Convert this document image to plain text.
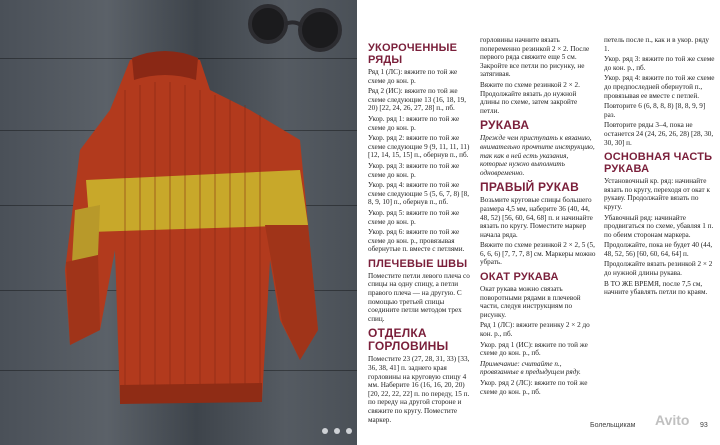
УКОРОЧЕННЫЕ РЯДЫ

Ряд 1 (ЛС): вяжите по той же схеме до кон. р.

Ряд 2 (ИС): вяжите по той же схеме следующие 13 (16, 18, 19, 20) [22, 24, 26, 27, 28] п., пб.

Укор. ряд 1: вяжите по той же схеме до кон. р.

Укор. ряд 2: вяжите по той же схеме следующие 9 (9, 11, 11, 11) [12, 14, 15, 15] п., обернув п., пб.

Укор. ряд 3: вяжите по той же схеме до кон. р.

Укор. ряд 4: вяжите по той же схеме следующие 5 (5, 6, 7, 8) [8, 8, 9, 10] п., обернув п., пб.

Укор. ряд 5: вяжите по той же схеме до кон. р.

Укор. ряд 6: вяжите по той же схеме до кон. р., провязывая обернутые п. вместе с петлями.

ПЛЕЧЕВЫЕ ШВЫ

Поместите петли левого плеча со спицы на одну спицу, а петли правого плеча — на другую. С помощью третьей спицы соедините петли методом трех спиц.

ОТДЕЛКА ГОРЛОВИНЫ

Поместите 23 (27, 28, 31, 33) [33, 36, 38, 41] п. заднего края горловины на круговую спицу 4 мм. Наберите 16 (16, 16, 20, 20) [20, 22, 22, 22] п. по переду, 15 п. по переду на другой стороне и свяжите по кругу. Поместите маркер.

горловины начните вязать попеременно резинкой 2 × 2. После первого ряда свяжите еще 5 см. Закройте все петли по рисунку, не затягивая.

Вяжите по схеме резинкой 2 × 2. Продолжайте вязать до нужной длины по схеме, затем закройте петли.

РУКАВА

Прежде чем приступать к вязанию, внимательно прочтите инструкцию, так как в ней есть указания, которые нужно выполнить одновременно.

ПРАВЫЙ РУКАВ

Возьмите круговые спицы большего размера 4,5 мм, наберите 36 (40, 44, 48, 52) [56, 60, 64, 68] п. и начинайте вязать по кругу. Поместите маркер начала ряда.

Вяжите по схеме резинкой 2 × 2, 5 (5, 6, 6, 6) [7, 7, 7, 8] см. Маркеры можно убрать.

ОКАТ РУКАВА

Окат рукава можно связать поворотными рядами в плечевой части, следуя инструкциям по рисунку.

Ряд 1 (ЛС): вяжите резинку 2 × 2 до кон. р., пб.

Укор. ряд 1 (ИС): вяжите по той же схеме до кон. р., пб.

Примечание: считайте п., провязанные в предыдущем ряду.

Укор. ряд 2 (ЛС): вяжите по той же схеме до кон. р., пб.

петель после п., как и в укор. ряду 1.

Укор. ряд 3: вяжите по той же схеме до кон. р., пб.

Укор. ряд 4: вяжите по той же схеме до предпоследней обернутой п., провязывая ее вместе с петлей.

Повторите 6 (6, 8, 8, 8) [8, 8, 9, 9] раз.

Повторите ряды 3–4, пока не останется 24 (24, 26, 26, 28) [28, 30, 30, 30] п.

ОСНОВНАЯ ЧАСТЬ РУКАВА

Установочный кр. ряд: начинайте вязать по кругу, переходя от окат к рукаву. Продолжайте вязать по кругу.

Убавочный ряд: начинайте продвигаться по схеме, убавляя 1 п. по обеим сторонам маркера.

Продолжайте, пока не будет 40 (44, 48, 52, 56) [60, 60, 64, 64] п.

Продолжайте вязать резинкой 2 × 2 до нужной длины рукава.

В ТО ЖЕ ВРЕМЯ, после 7,5 см, начните убавлять петли по краям.

Болельщикам	93
Avito
